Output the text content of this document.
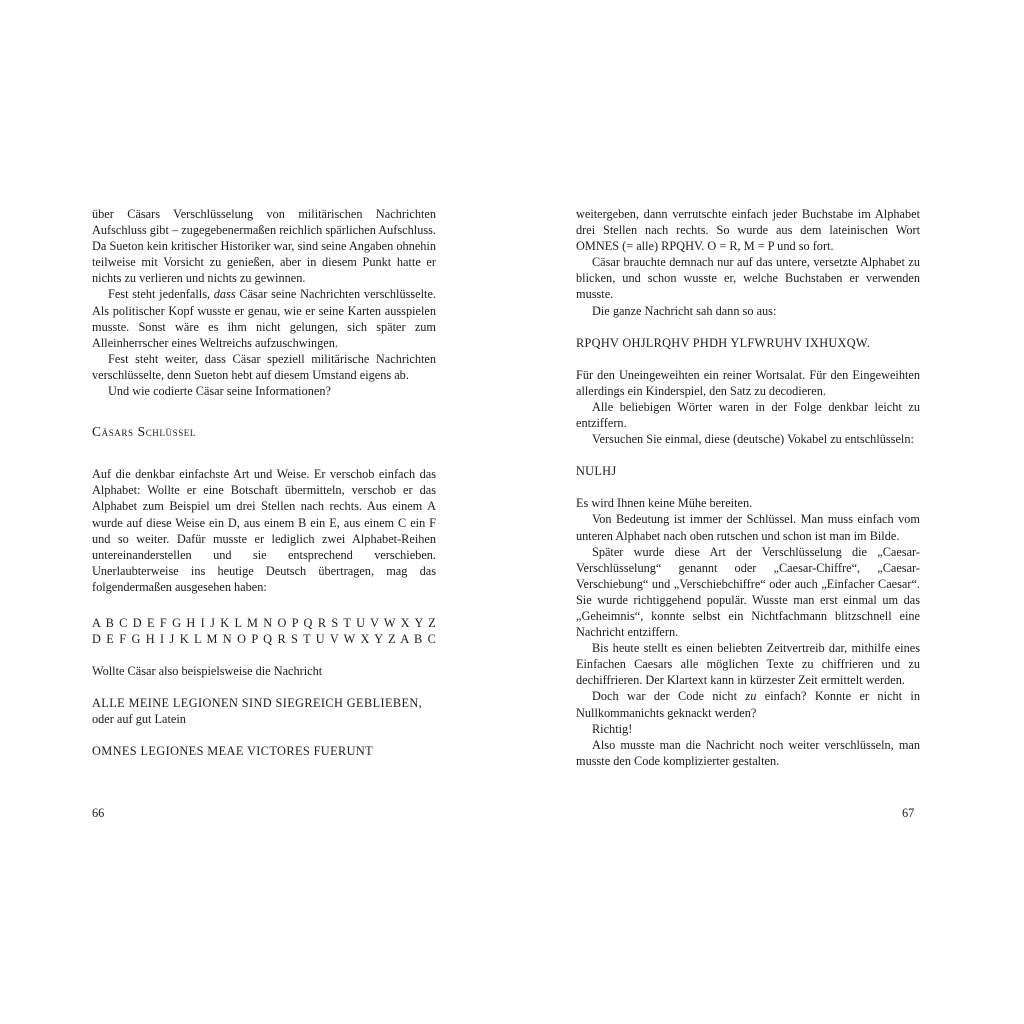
über Cäsars Verschlüsselung von militärischen Nachrichten Aufschluss gibt – zugegebenermaßen reichlich spärlichen Aufschluss. Da Sueton kein kritischer Historiker war, sind seine Angaben ohnehin teilweise mit Vorsicht zu genießen, aber in diesem Punkt hatte er nichts zu verlieren und nichts zu gewinnen.

Fest steht jedenfalls, dass Cäsar seine Nachrichten verschlüsselte. Als politischer Kopf wusste er genau, wie er seine Karten ausspielen musste. Sonst wäre es ihm nicht gelungen, sich später zum Alleinherrscher eines Weltreichs aufzuschwingen.

Fest steht weiter, dass Cäsar speziell militärische Nachrichten verschlüsselte, denn Sueton hebt auf diesem Umstand eigens ab.

Und wie codierte Cäsar seine Informationen?

Cäsars Schlüssel

Auf die denkbar einfachste Art und Weise. Er verschob einfach das Alphabet: Wollte er eine Botschaft übermitteln, verschob er das Alphabet zum Beispiel um drei Stellen nach rechts. Aus einem A wurde auf diese Weise ein D, aus einem B ein E, aus einem C ein F und so weiter. Dafür musste er lediglich zwei Alphabet-Reihen untereinanderstellen und sie entsprechend verschieben. Unerlaubterweise ins heutige Deutsch übertragen, mag das folgendermaßen ausgesehen haben:

A B C D E F G H I J K L M N O P Q R S T U V W X Y Z

D E F G H I J K L M N O P Q R S T U V W X Y Z A B C

Wollte Cäsar also beispielsweise die Nachricht

ALLE MEINE LEGIONEN SIND SIEGREICH GEBLIEBEN,

oder auf gut Latein

OMNES LEGIONES MEAE VICTORES FUERUNT

66

weitergeben, dann verrutschte einfach jeder Buchstabe im Alphabet drei Stellen nach rechts. So wurde aus dem lateinischen Wort OMNES (= alle) RPQHV. O = R, M = P und so fort.

Cäsar brauchte demnach nur auf das untere, versetzte Alphabet zu blicken, und schon wusste er, welche Buchstaben er verwenden musste.

Die ganze Nachricht sah dann so aus:

RPQHV OHJLRQHV PHDH YLFWRUHV IXHUXQW.

Für den Uneingeweihten ein reiner Wortsalat. Für den Eingeweihten allerdings ein Kinderspiel, den Satz zu decodieren.

Alle beliebigen Wörter waren in der Folge denkbar leicht zu entziffern.

Versuchen Sie einmal, diese (deutsche) Vokabel zu entschlüsseln:

NULHJ

Es wird Ihnen keine Mühe bereiten.

Von Bedeutung ist immer der Schlüssel. Man muss einfach vom unteren Alphabet nach oben rutschen und schon ist man im Bilde.

Später wurde diese Art der Verschlüsselung die „Caesar-Verschlüsselung“ genannt oder „Caesar-Chiffre“, „Caesar-Verschiebung“ und „Verschiebchiffre“ oder auch „Einfacher Caesar“. Sie wurde richtiggehend populär. Wusste man erst einmal um das „Geheimnis“, konnte selbst ein Nichtfachmann blitzschnell eine Nachricht entziffern.

Bis heute stellt es einen beliebten Zeitvertreib dar, mithilfe eines Einfachen Caesars alle möglichen Texte zu chiffrieren und zu dechiffrieren. Der Klartext kann in kürzester Zeit ermittelt werden.

Doch war der Code nicht zu einfach? Konnte er nicht in Nullkommanichts geknackt werden?

Richtig!

Also musste man die Nachricht noch weiter verschlüsseln, man musste den Code komplizierter gestalten.

67
